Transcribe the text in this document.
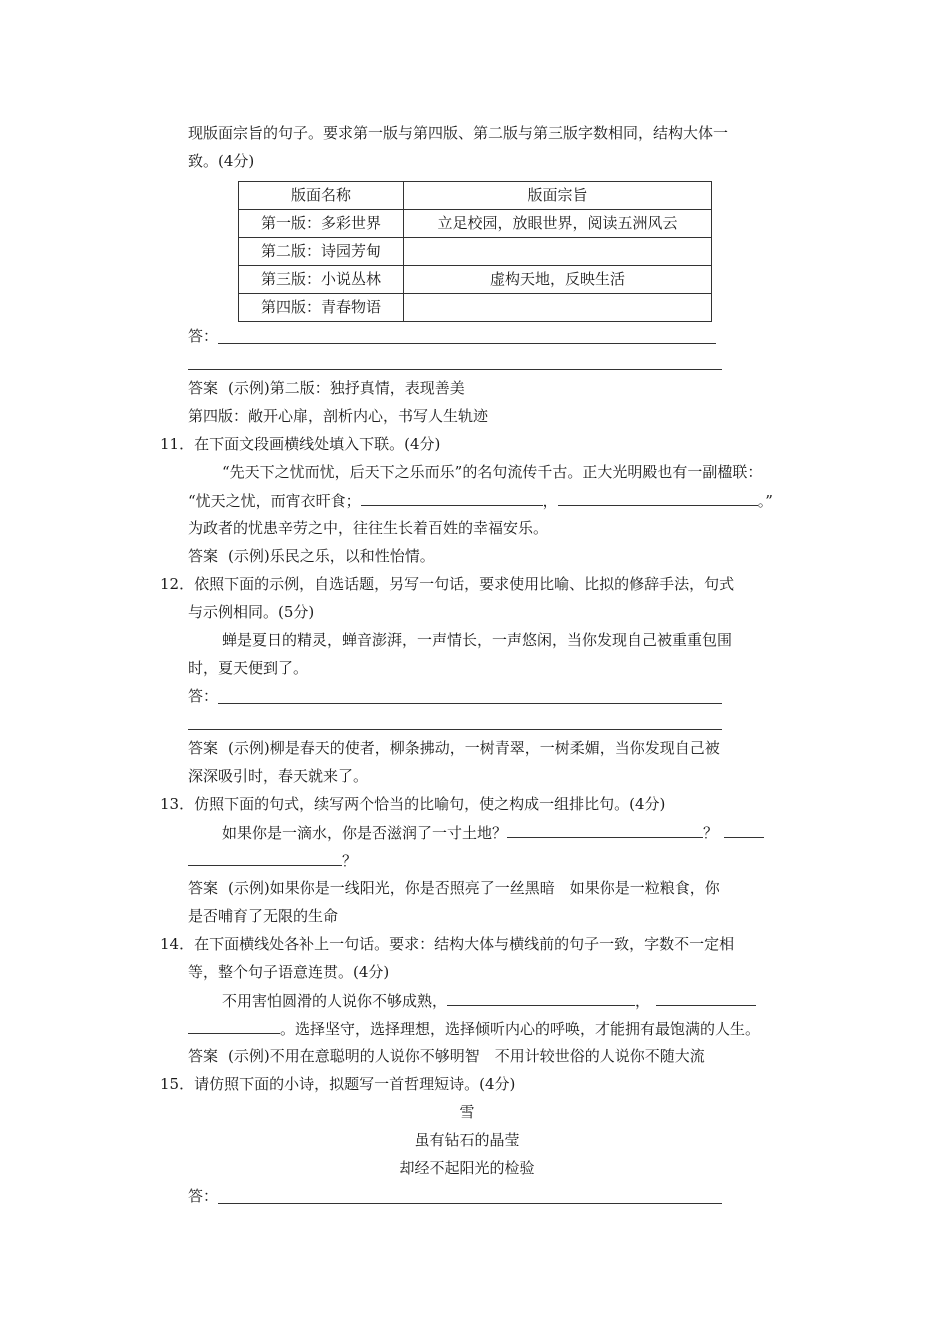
现版面宗旨的句子。要求第一版与第四版、第二版与第三版字数相同，结构大体一
致。(4分)
版面名称	版面宗旨
第一版：多彩世界	立足校园，放眼世界，阅读五洲风云
第二版：诗园芳甸	
第三版：小说丛林	虚构天地，反映生活
第四版：青春物语	
答：
答案 (示例)第二版：独抒真情，表现善美
第四版：敞开心扉，剖析内心，书写人生轨迹
11．在下面文段画横线处填入下联。(4分)
“先天下之忧而忧，后天下之乐而乐”的名句流传千古。正大光明殿也有一副楹联：
“忧天之忧，而宵衣旰食；	，	。”
为政者的忧患辛劳之中，往往生长着百姓的幸福安乐。
答案 (示例)乐民之乐，以和性怡情。
12．依照下面的示例，自选话题，另写一句话，要求使用比喻、比拟的修辞手法，句式
与示例相同。(5分)
蝉是夏日的精灵，蝉音澎湃，一声情长，一声悠闲，当你发现自己被重重包围
时，夏天便到了。
答：
答案 (示例)柳是春天的使者，柳条拂动，一树青翠，一树柔媚，当你发现自己被
深深吸引时，春天就来了。
13．仿照下面的句式，续写两个恰当的比喻句，使之构成一组排比句。(4分)
如果你是一滴水，你是否滋润了一寸土地？	？
？
答案 (示例)如果你是一线阳光，你是否照亮了一丝黑暗　如果你是一粒粮食，你
是否哺育了无限的生命
14．在下面横线处各补上一句话。要求：结构大体与横线前的句子一致，字数不一定相
等，整个句子语意连贯。(4分)
不用害怕圆滑的人说你不够成熟，	，
。选择坚守，选择理想，选择倾听内心的呼唤，才能拥有最饱满的人生。
答案 (示例)不用在意聪明的人说你不够明智　不用计较世俗的人说你不随大流
15．请仿照下面的小诗，拟题写一首哲理短诗。(4分)
雪
虽有钻石的晶莹
却经不起阳光的检验
答：
